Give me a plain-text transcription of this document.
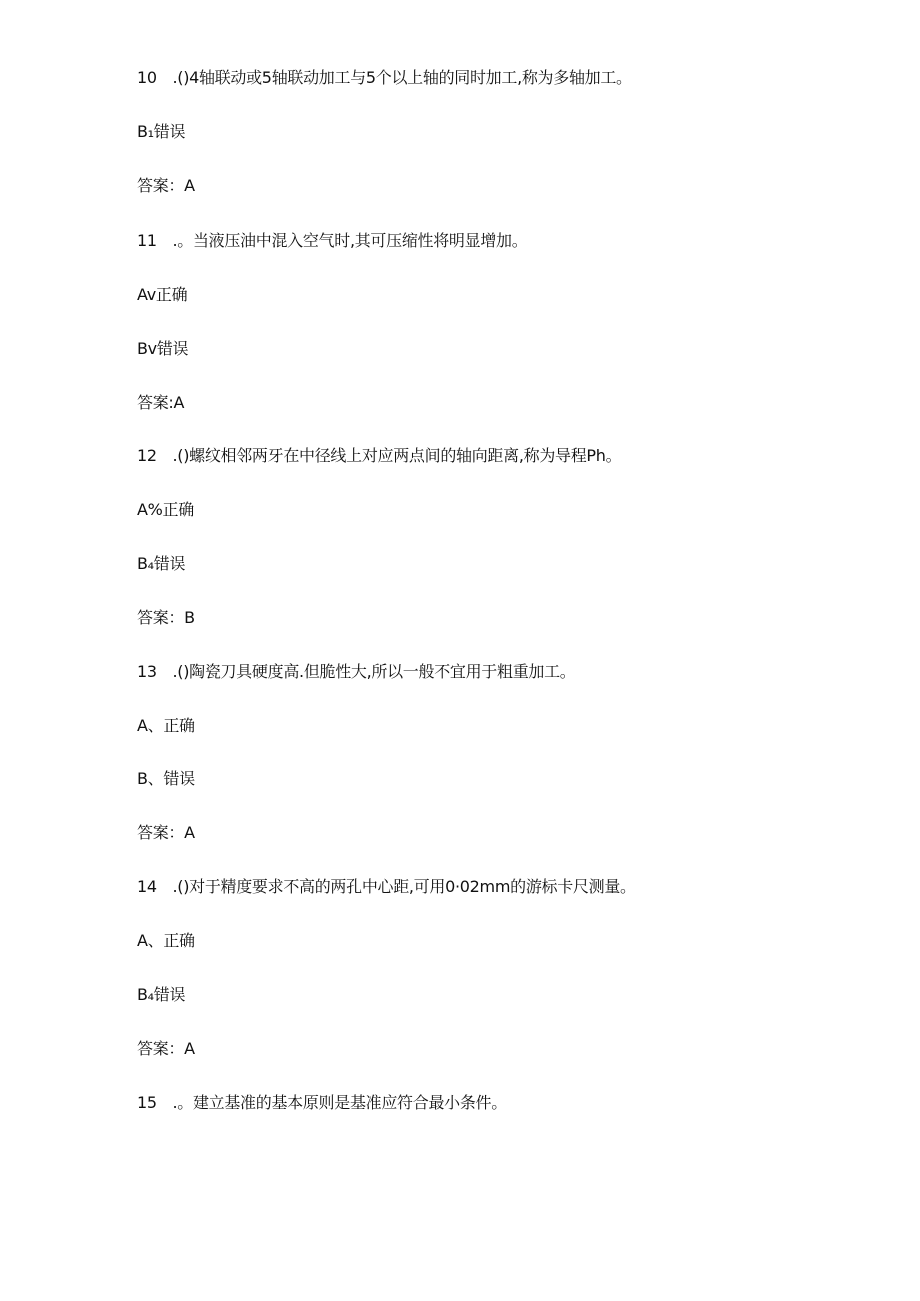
10　.()4轴联动或5轴联动加工与5个以上轴的同时加工,称为多轴加工。
B₁错误
答案：A
11　.。当液压油中混入空气时,其可压缩性将明显增加。
Av正确
Bv错误
答案:A
12　.()螺纹相邻两牙在中径线上对应两点间的轴向距离,称为导程Ph。
A%正确
B₄错误
答案：B
13　.()陶瓷刀具硬度高.但脆性大,所以一般不宜用于粗重加工。
A、正确
B、错误
答案：A
14　.()对于精度要求不高的两孔中心距,可用0·02mm的游标卡尺测量。
A、正确
B₄错误
答案：A
15　.。建立基准的基本原则是基准应符合最小条件。
